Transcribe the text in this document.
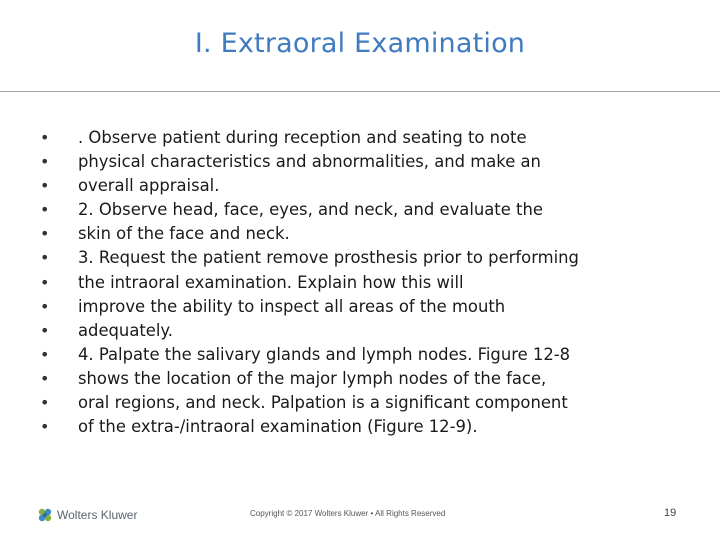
I. Extraoral Examination
•
•
•
•
•
•
•
•
•
•
•
•
•
. Observe patient during reception and seating to note
physical characteristics and abnormalities, and make an
overall appraisal.
2. Observe head, face, eyes, and neck, and evaluate the
skin of the face and neck.
3. Request the patient remove prosthesis prior to performing
the intraoral examination. Explain how this will
improve the ability to inspect all areas of the mouth
adequately.
4. Palpate the salivary glands and lymph nodes. Figure 12-8
shows the location of the major lymph nodes of the face,
oral regions, and neck. Palpation is a significant component
of the extra-/intraoral examination (Figure 12-9).
Wolters Kluwer	Copyright © 2017 Wolters Kluwer • All Rights Reserved	19
